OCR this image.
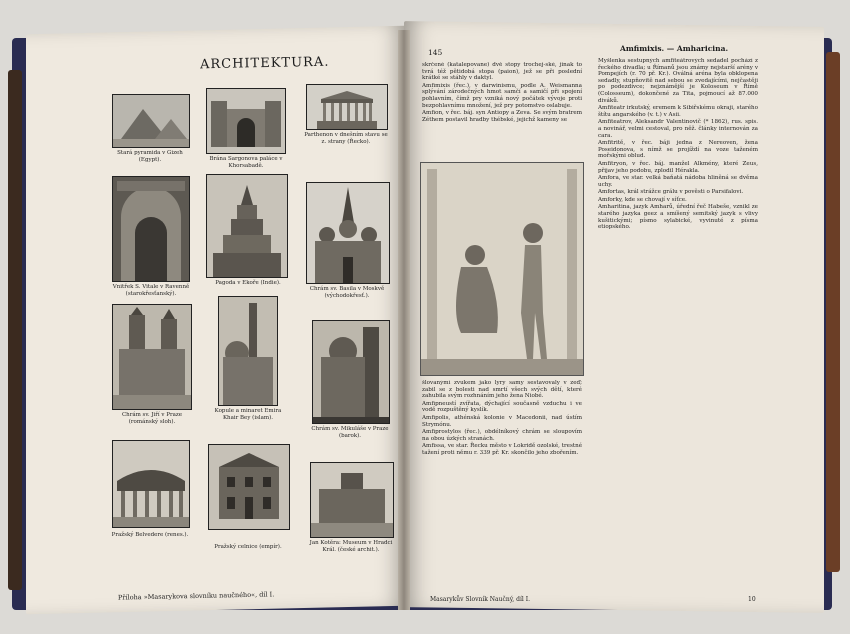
ARCHITEKTURA.
Stará pyramida v Gizeh (Egypt).	Brána Sargonova paláce v Khorsabadě.
Parthenon v dnešním stavu se z. strany (Řecko).
Vnitřek S. Vitale v Ravenně (starokřesťanský).
Pagoda v Ekoře (Indie).
Chrám sv. Basila v Moskvě (východokřesť.).
Chrám sv. Jiří v Praze (románský sloh).
Kopule a minaret Emira Khair Bey (islam).
Chrám sv. Mikuláše v Praze (barok).
Pražský Belvedere (renes.).
Pražský celnice (empír).
Jan Kotěra: Museum v Hradci Král. (české archit.).
Příloha »Masarykova slovníku naučného«, díl I.
145	Amfimixis. — Amharicina.

skrčené (katalepovane) dvě stopy trochej-ské, jinak to tvrá též pětidobá stopa (paion), jež se při poslední krátké se stáhly v daktyl.

Amfimixis (řec.), v darwinismu, podle A. Weismanna splývání zárodečných hmot samčí a samičí při spojení pohlavním, čímž pry vzniká nový počátek vývoje proti bezpohlavnímu množení, jež pry potomstvo oslabuje.

Amfion, v řec. báj. syn Antiopy a Zeva. Se svým bratrem Zéthem postavil hradby thébské, jejichž kameny se

šlovanýmí zvukem jako lyry samy sestavovaly v zeď; zabil se z bolesti nad smrtí všech svých dětí, které zahubila svým rozhnáním jeho žena Niobé.

Amfipneustí zvířata, dýchající současně vzduchu i ve vodě rozpuštěný kyslík.

Amfipolis, athénská kolonie v Macedonii, nad ústím Strymónu.

Amfiprostylos (řec.), obdélníkový chrám se sloupovím na obou úzkých stranách.

Amfissa, ve star. Řecku město v Lokridě ozolské, trestné tažení proti němu r. 339 př. Kr. skončilo jeho zbořením.

Myšlenka sestupných amfiteátrových sedadel pochází z řeckého divadla; u Římanů jsou známy nejstarší arény v Pompejích (r. 70 př. Kr.). Oválná aréna byla obklopena sedadly, stupňovitě nad sebou se zvedajícími, nejčastěji po podezdívce; nejznámější je Koloseum v Římě (Colosseum), dokončené za Tita, pojmoucí až 87.000 diváků.

Amfiteatr irkutský, eremem k Sibiřskému okraji, starého štítu angarského (v. t.) v Asii.

Amfiteatrov, Aleksandr Valentinovič (* 1862), rus. spis. a novinář, velmi cestoval, pro něž. články internován za cara.

Amfitritě, v řec. báji jedna z Nereoven, žena Poseidonova, s nímž se projíždí na voze taženém mořskými oblud.

Amfitryon, v řec. báj. manžel Alkmény, které Zeus, přijav jeho podobu, zplodil Hérakla.

Amfora, ve star. velká baňatá nádoba hliněná se dvěma uchy.

Amfortas, král strážce grálu v pověsti o Parsifalovi.

Amforky, kde se chovají v síťce.

Amharitina, jazyk Amharů, úřední řeč Habeše, vznikl ze starého jazyka geez a smíšený semitský jazyk s vlivy kušitickými; písmo sylabické, vyvinuté z písma etiopského.

Masarykův Slovník Naučný, díl I.	10
